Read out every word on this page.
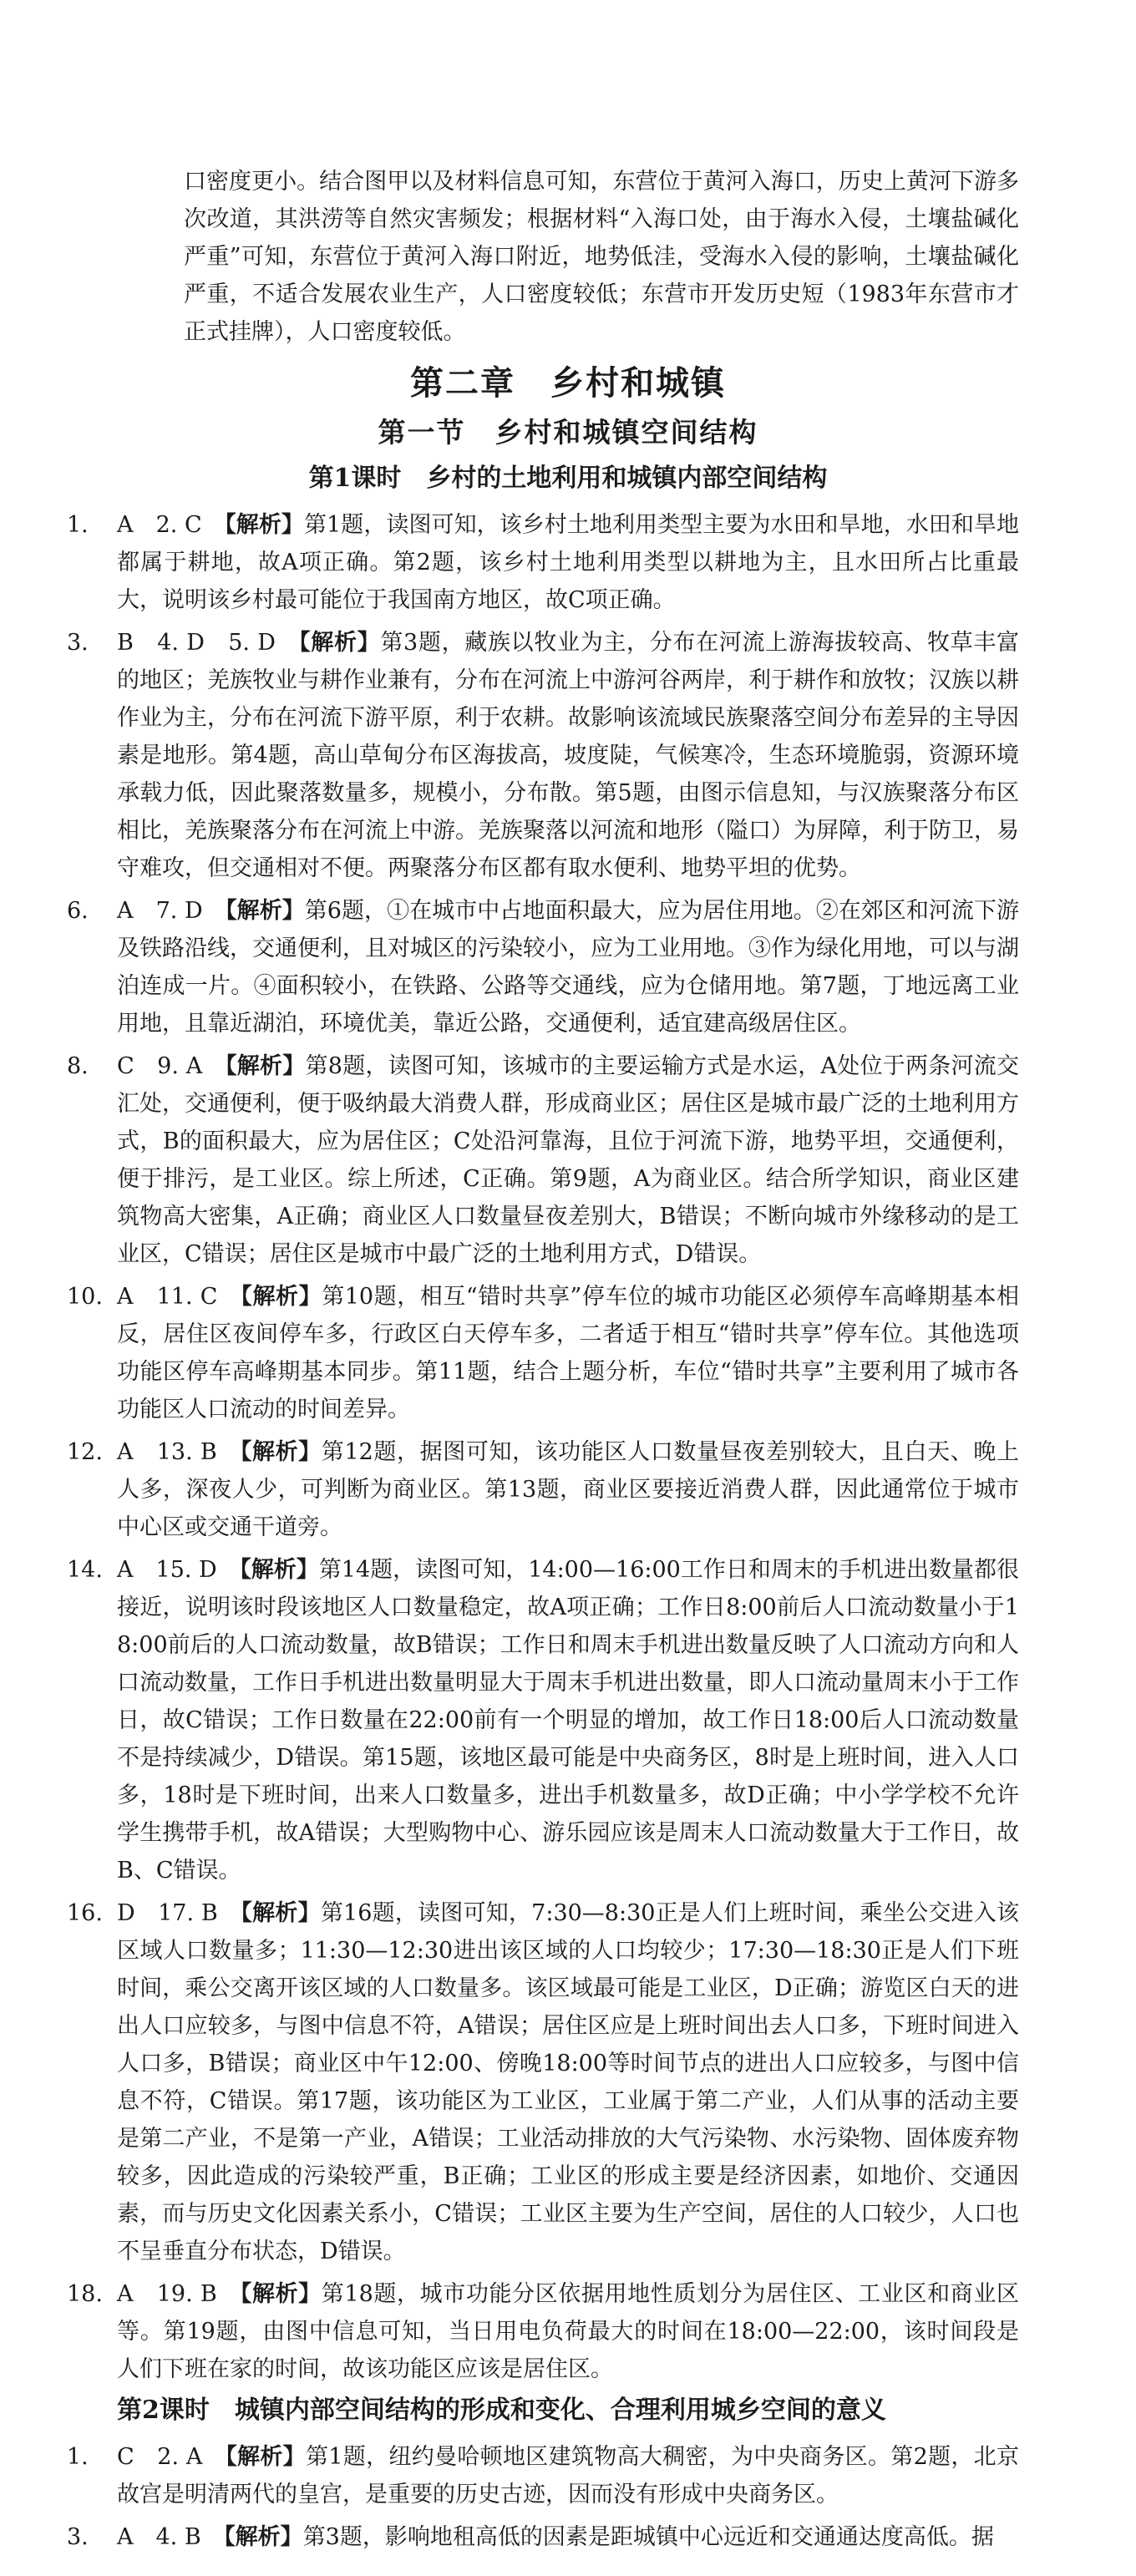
口密度更小。结合图甲以及材料信息可知，东营位于黄河入海口，历史上黄河下游多次改道，其洪涝等自然灾害频发；根据材料“入海口处，由于海水入侵，土壤盐碱化严重”可知，东营位于黄河入海口附近，地势低洼，受海水入侵的影响，土壤盐碱化严重，不适合发展农业生产，人口密度较低；东营市开发历史短（1983年东营市才正式挂牌），人口密度较低。

第二章　乡村和城镇
第一节　乡村和城镇空间结构
第1课时　乡村的土地利用和城镇内部空间结构
1.	A　2. C 【解析】第1题，读图可知，该乡村土地利用类型主要为水田和旱地，水田和旱地都属于耕地，故A项正确。第2题，该乡村土地利用类型以耕地为主，且水田所占比重最大，说明该乡村最可能位于我国南方地区，故C项正确。
3.	B　4. D　5. D 【解析】第3题，藏族以牧业为主，分布在河流上游海拔较高、牧草丰富的地区；羌族牧业与耕作业兼有，分布在河流上中游河谷两岸，利于耕作和放牧；汉族以耕作业为主，分布在河流下游平原，利于农耕。故影响该流域民族聚落空间分布差异的主导因素是地形。第4题，高山草甸分布区海拔高，坡度陡，气候寒冷，生态环境脆弱，资源环境承载力低，因此聚落数量多，规模小，分布散。第5题，由图示信息知，与汉族聚落分布区相比，羌族聚落分布在河流上中游。羌族聚落以河流和地形（隘口）为屏障，利于防卫，易守难攻，但交通相对不便。两聚落分布区都有取水便利、地势平坦的优势。
6.	A　7. D 【解析】第6题，①在城市中占地面积最大，应为居住用地。②在郊区和河流下游及铁路沿线，交通便利，且对城区的污染较小，应为工业用地。③作为绿化用地，可以与湖泊连成一片。④面积较小，在铁路、公路等交通线，应为仓储用地。第7题，丁地远离工业用地，且靠近湖泊，环境优美，靠近公路，交通便利，适宜建高级居住区。
8.	C　9. A 【解析】第8题，读图可知，该城市的主要运输方式是水运，A处位于两条河流交汇处，交通便利，便于吸纳最大消费人群，形成商业区；居住区是城市最广泛的土地利用方式，B的面积最大，应为居住区；C处沿河靠海，且位于河流下游，地势平坦，交通便利，便于排污，是工业区。综上所述，C正确。第9题，A为商业区。结合所学知识，商业区建筑物高大密集，A正确；商业区人口数量昼夜差别大，B错误；不断向城市外缘移动的是工业区，C错误；居住区是城市中最广泛的土地利用方式，D错误。
10. A　11. C 【解析】第10题，相互“错时共享”停车位的城市功能区必须停车高峰期基本相反，居住区夜间停车多，行政区白天停车多，二者适于相互“错时共享”停车位。其他选项功能区停车高峰期基本同步。第11题，结合上题分析，车位“错时共享”主要利用了城市各功能区人口流动的时间差异。
12. A　13. B 【解析】第12题，据图可知，该功能区人口数量昼夜差别较大，且白天、晚上人多，深夜人少，可判断为商业区。第13题，商业区要接近消费人群，因此通常位于城市中心区或交通干道旁。
14. A　15. D 【解析】第14题，读图可知，14:00—16:00工作日和周末的手机进出数量都很接近，说明该时段该地区人口数量稳定，故A项正确；工作日8:00前后人口流动数量小于18:00前后的人口流动数量，故B错误；工作日和周末手机进出数量反映了人口流动方向和人口流动数量，工作日手机进出数量明显大于周末手机进出数量，即人口流动量周末小于工作日，故C错误；工作日数量在22:00前有一个明显的增加，故工作日18:00后人口流动数量不是持续减少，D错误。第15题，该地区最可能是中央商务区，8时是上班时间，进入人口多，18时是下班时间，出来人口数量多，进出手机数量多，故D正确；中小学学校不允许学生携带手机，故A错误；大型购物中心、游乐园应该是周末人口流动数量大于工作日，故B、C错误。
16. D　17. B 【解析】第16题，读图可知，7:30—8:30正是人们上班时间，乘坐公交进入该区域人口数量多；11:30—12:30进出该区域的人口均较少；17:30—18:30正是人们下班时间，乘公交离开该区域的人口数量多。该区域最可能是工业区，D正确；游览区白天的进出人口应较多，与图中信息不符，A错误；居住区应是上班时间出去人口多，下班时间进入人口多，B错误；商业区中午12:00、傍晚18:00等时间节点的进出人口应较多，与图中信息不符，C错误。第17题，该功能区为工业区，工业属于第二产业，人们从事的活动主要是第二产业，不是第一产业，A错误；工业活动排放的大气污染物、水污染物、固体废弃物较多，因此造成的污染较严重，B正确；工业区的形成主要是经济因素，如地价、交通因素，而与历史文化因素关系小，C错误；工业区主要为生产空间，居住的人口较少，人口也不呈垂直分布状态，D错误。
18. A　19. B 【解析】第18题，城市功能分区依据用地性质划分为居住区、工业区和商业区等。第19题，由图中信息可知，当日用电负荷最大的时间在18:00—22:00，该时间段是人们下班在家的时间，故该功能区应该是居住区。
第2课时　城镇内部空间结构的形成和变化、合理利用城乡空间的意义
1.	C　2. A 【解析】第1题，纽约曼哈顿地区建筑物高大稠密，为中央商务区。第2题，北京故宫是明清两代的皇宫，是重要的历史古迹，因而没有形成中央商务区。
3.	A　4. B 【解析】第3题，影响地租高低的因素是距城镇中心远近和交通通达度高低。据
